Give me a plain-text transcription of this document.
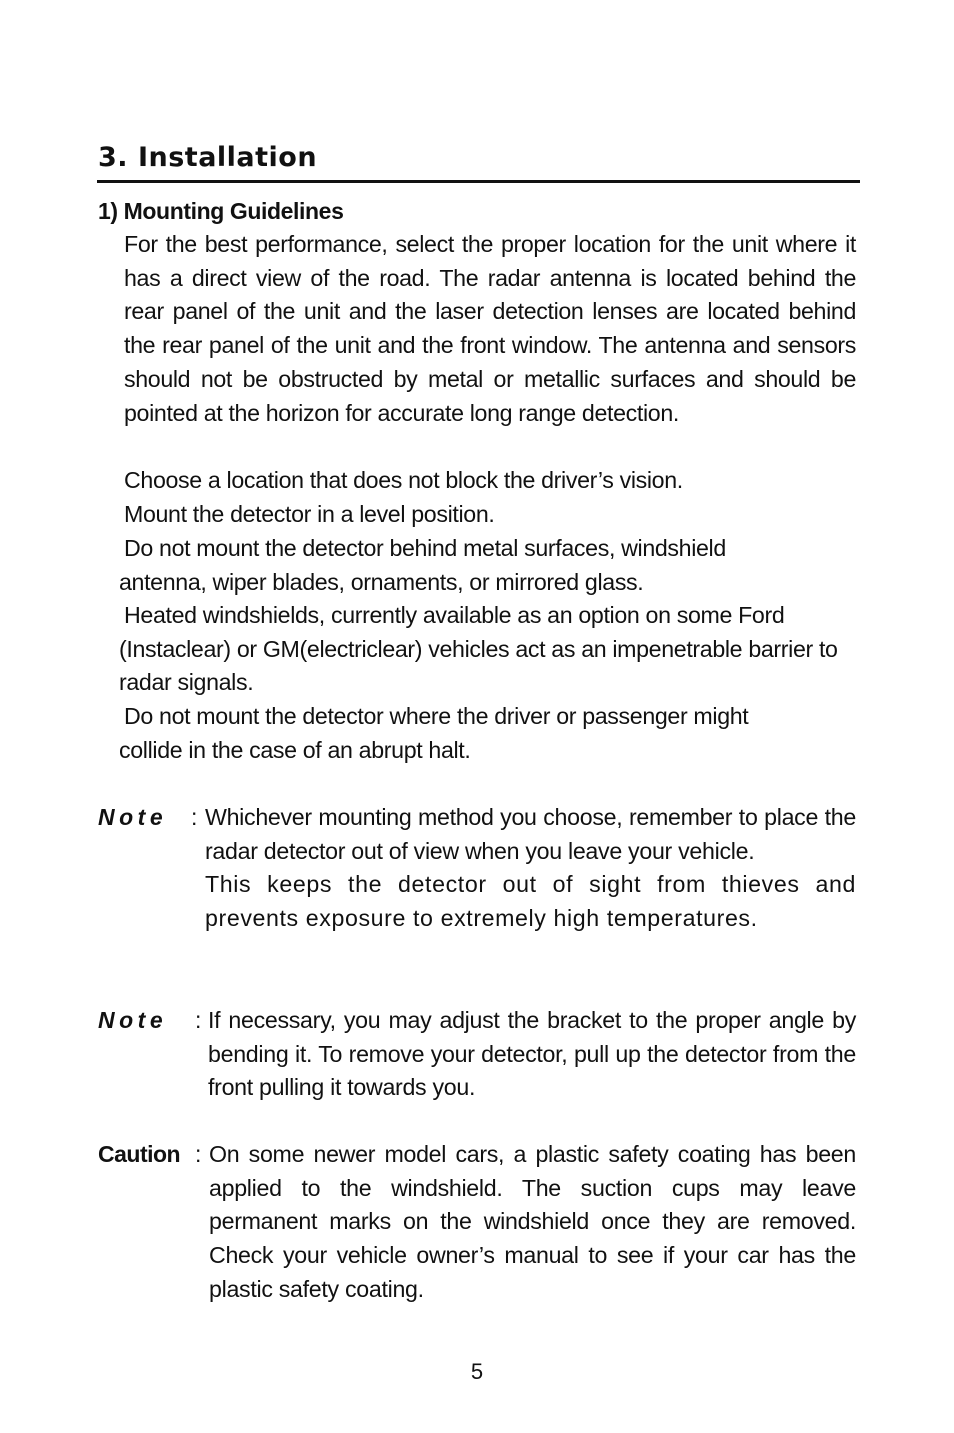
3. Installation
1) Mounting Guidelines

For the best performance, select the proper location for the unit where it has a direct view of the road. The radar antenna is located behind the rear panel of the unit and the laser detection lenses are located behind the rear panel of the unit and the front window. The antenna and sensors should not be obstructed by metal or metallic surfaces and should be pointed at the horizon for accurate long range detection.

Choose a location that does not block the driver’s vision.

Mount the detector in a level position.

Do not mount the detector behind metal surfaces, windshield antenna, wiper blades, ornaments, or mirrored glass.

Heated windshields, currently available as an option on some Ford (Instaclear) or GM(electriclear) vehicles act as an impenetrable barrier to radar signals.

Do not mount the detector where the driver or passenger might collide in the case of an abrupt halt.

Note : Whichever mounting method you choose, remember to place the radar detector out of view when you leave your vehicle.

This keeps the detector out of sight from thieves and prevents exposure to extremely high temperatures.

Note : If necessary, you may adjust the bracket to the proper angle by bending it. To remove your detector, pull up the detector from the front pulling it towards you.

Caution : On some newer model cars, a plastic safety coating has been applied to the windshield. The suction cups may leave permanent marks on the windshield once they are removed. Check your vehicle owner’s manual to see if your car has the plastic safety coating.

5
